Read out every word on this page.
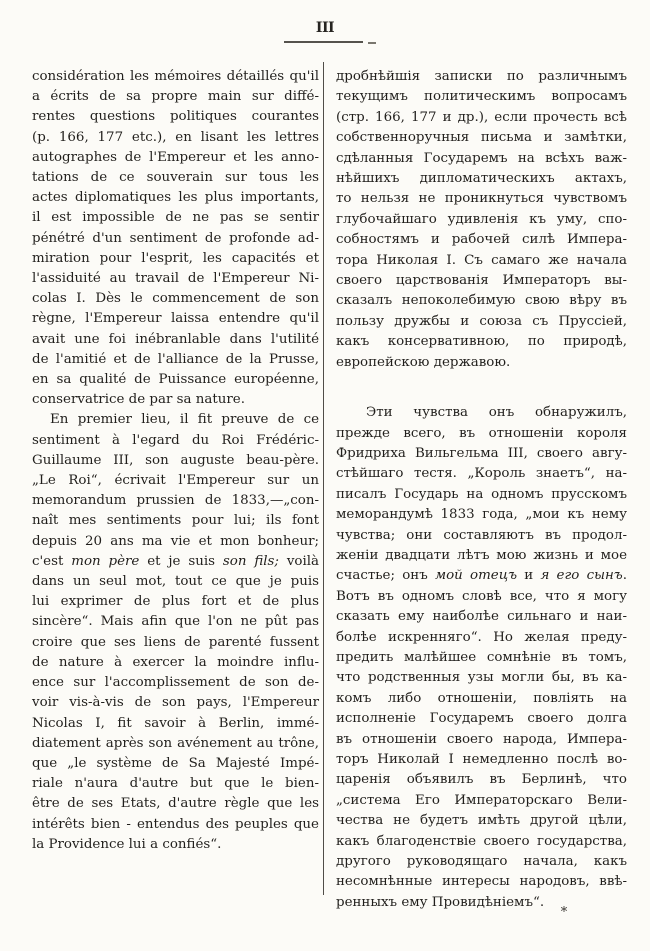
III
considération les mémoires détaillés qu'il
a écrits de sa propre main sur diffé-
rentes questions politiques courantes
(p. 166, 177 etc.), en lisant les lettres
autographes de l'Empereur et les anno-
tations de ce souverain sur tous les
actes diplomatiques les plus importants,
il est impossible de ne pas se sentir
pénétré d'un sentiment de profonde ad-
miration pour l'esprit, les capacités et
l'assiduité au travail de l'Empereur Ni-
colas I. Dès le commencement de son
règne, l'Empereur laissa entendre qu'il
avait une foi inébranlable dans l'utilité
de l'amitié et de l'alliance de la Prusse,
en sa qualité de Puissance européenne,
conservatrice de par sa nature.
En premier lieu, il fit preuve de ce
sentiment à l'egard du Roi Frédéric-
Guillaume III, son auguste beau-père.
„Le Roi“, écrivait l'Empereur sur un
memorandum prussien de 1833,—„con-
naît mes sentiments pour lui; ils font
depuis 20 ans ma vie et mon bonheur;
c'est mon père et je suis son fils; voilà
dans un seul mot, tout ce que je puis
lui exprimer de plus fort et de plus
sincère“. Mais afin que l'on ne pût pas
croire que ses liens de parenté fussent
de nature à exercer la moindre influ-
ence sur l'accomplissement de son de-
voir vis-à-vis de son pays, l'Empereur
Nicolas I, fit savoir à Berlin, immé-
diatement après son avénement au trône,
que „le système de Sa Majesté Impé-
riale n'aura d'autre but que le bien-
être de ses Etats, d'autre règle que les
intérêts bien - entendus des peuples que
la Providence lui a confiés“.
дробнѣйшія записки по различнымъ
текущимъ политическимъ вопросамъ
(стр. 166, 177 и др.), если прочесть всѣ
собственноручныя письма и замѣтки,
сдѣланныя Государемъ на всѣхъ важ-
нѣйшихъ дипломатическихъ актахъ,
то нельзя не проникнуться чувствомъ
глубочайшаго удивленія къ уму, спо-
собностямъ и рабочей силѣ Импера-
тора Николая I. Съ самаго же начала
своего царствованія Императоръ вы-
сказалъ непоколебимую свою вѣру въ
пользу дружбы и союза съ Пруссіей,
какъ консервативною, по природѣ,
европейскою державою.
Эти чувства онъ обнаружилъ,
прежде всего, въ отношеніи короля
Фридриха Вильгельма III, своего авгу-
стѣйшаго тестя. „Король знаетъ“, на-
писалъ Государь на одномъ прусскомъ
меморандумѣ 1833 года, „мои къ нему
чувства; они составляютъ въ продол-
женіи двадцати лѣтъ мою жизнь и мое
счастье; онъ мой отецъ и я его сынъ.
Вотъ въ одномъ словѣ все, что я могу
сказать ему наиболѣе сильнаго и наи-
болѣе искренняго“. Но желая преду-
предить малѣйшее сомнѣніе въ томъ,
что родственныя узы могли бы, въ ка-
комъ либо отношеніи, повліять на
исполненіе Государемъ своего долга
въ отношеніи своего народа, Импера-
торъ Николай I немедленно послѣ во-
царенія объявилъ въ Берлинѣ, что
„система Его Императорскаго Вели-
чества не будетъ имѣть другой цѣли,
какъ благоденствіе своего государства,
другого руководящаго начала, какъ
несомнѣнные интересы народовъ, ввѣ-
ренныхъ ему Провидѣніемъ“.
*
